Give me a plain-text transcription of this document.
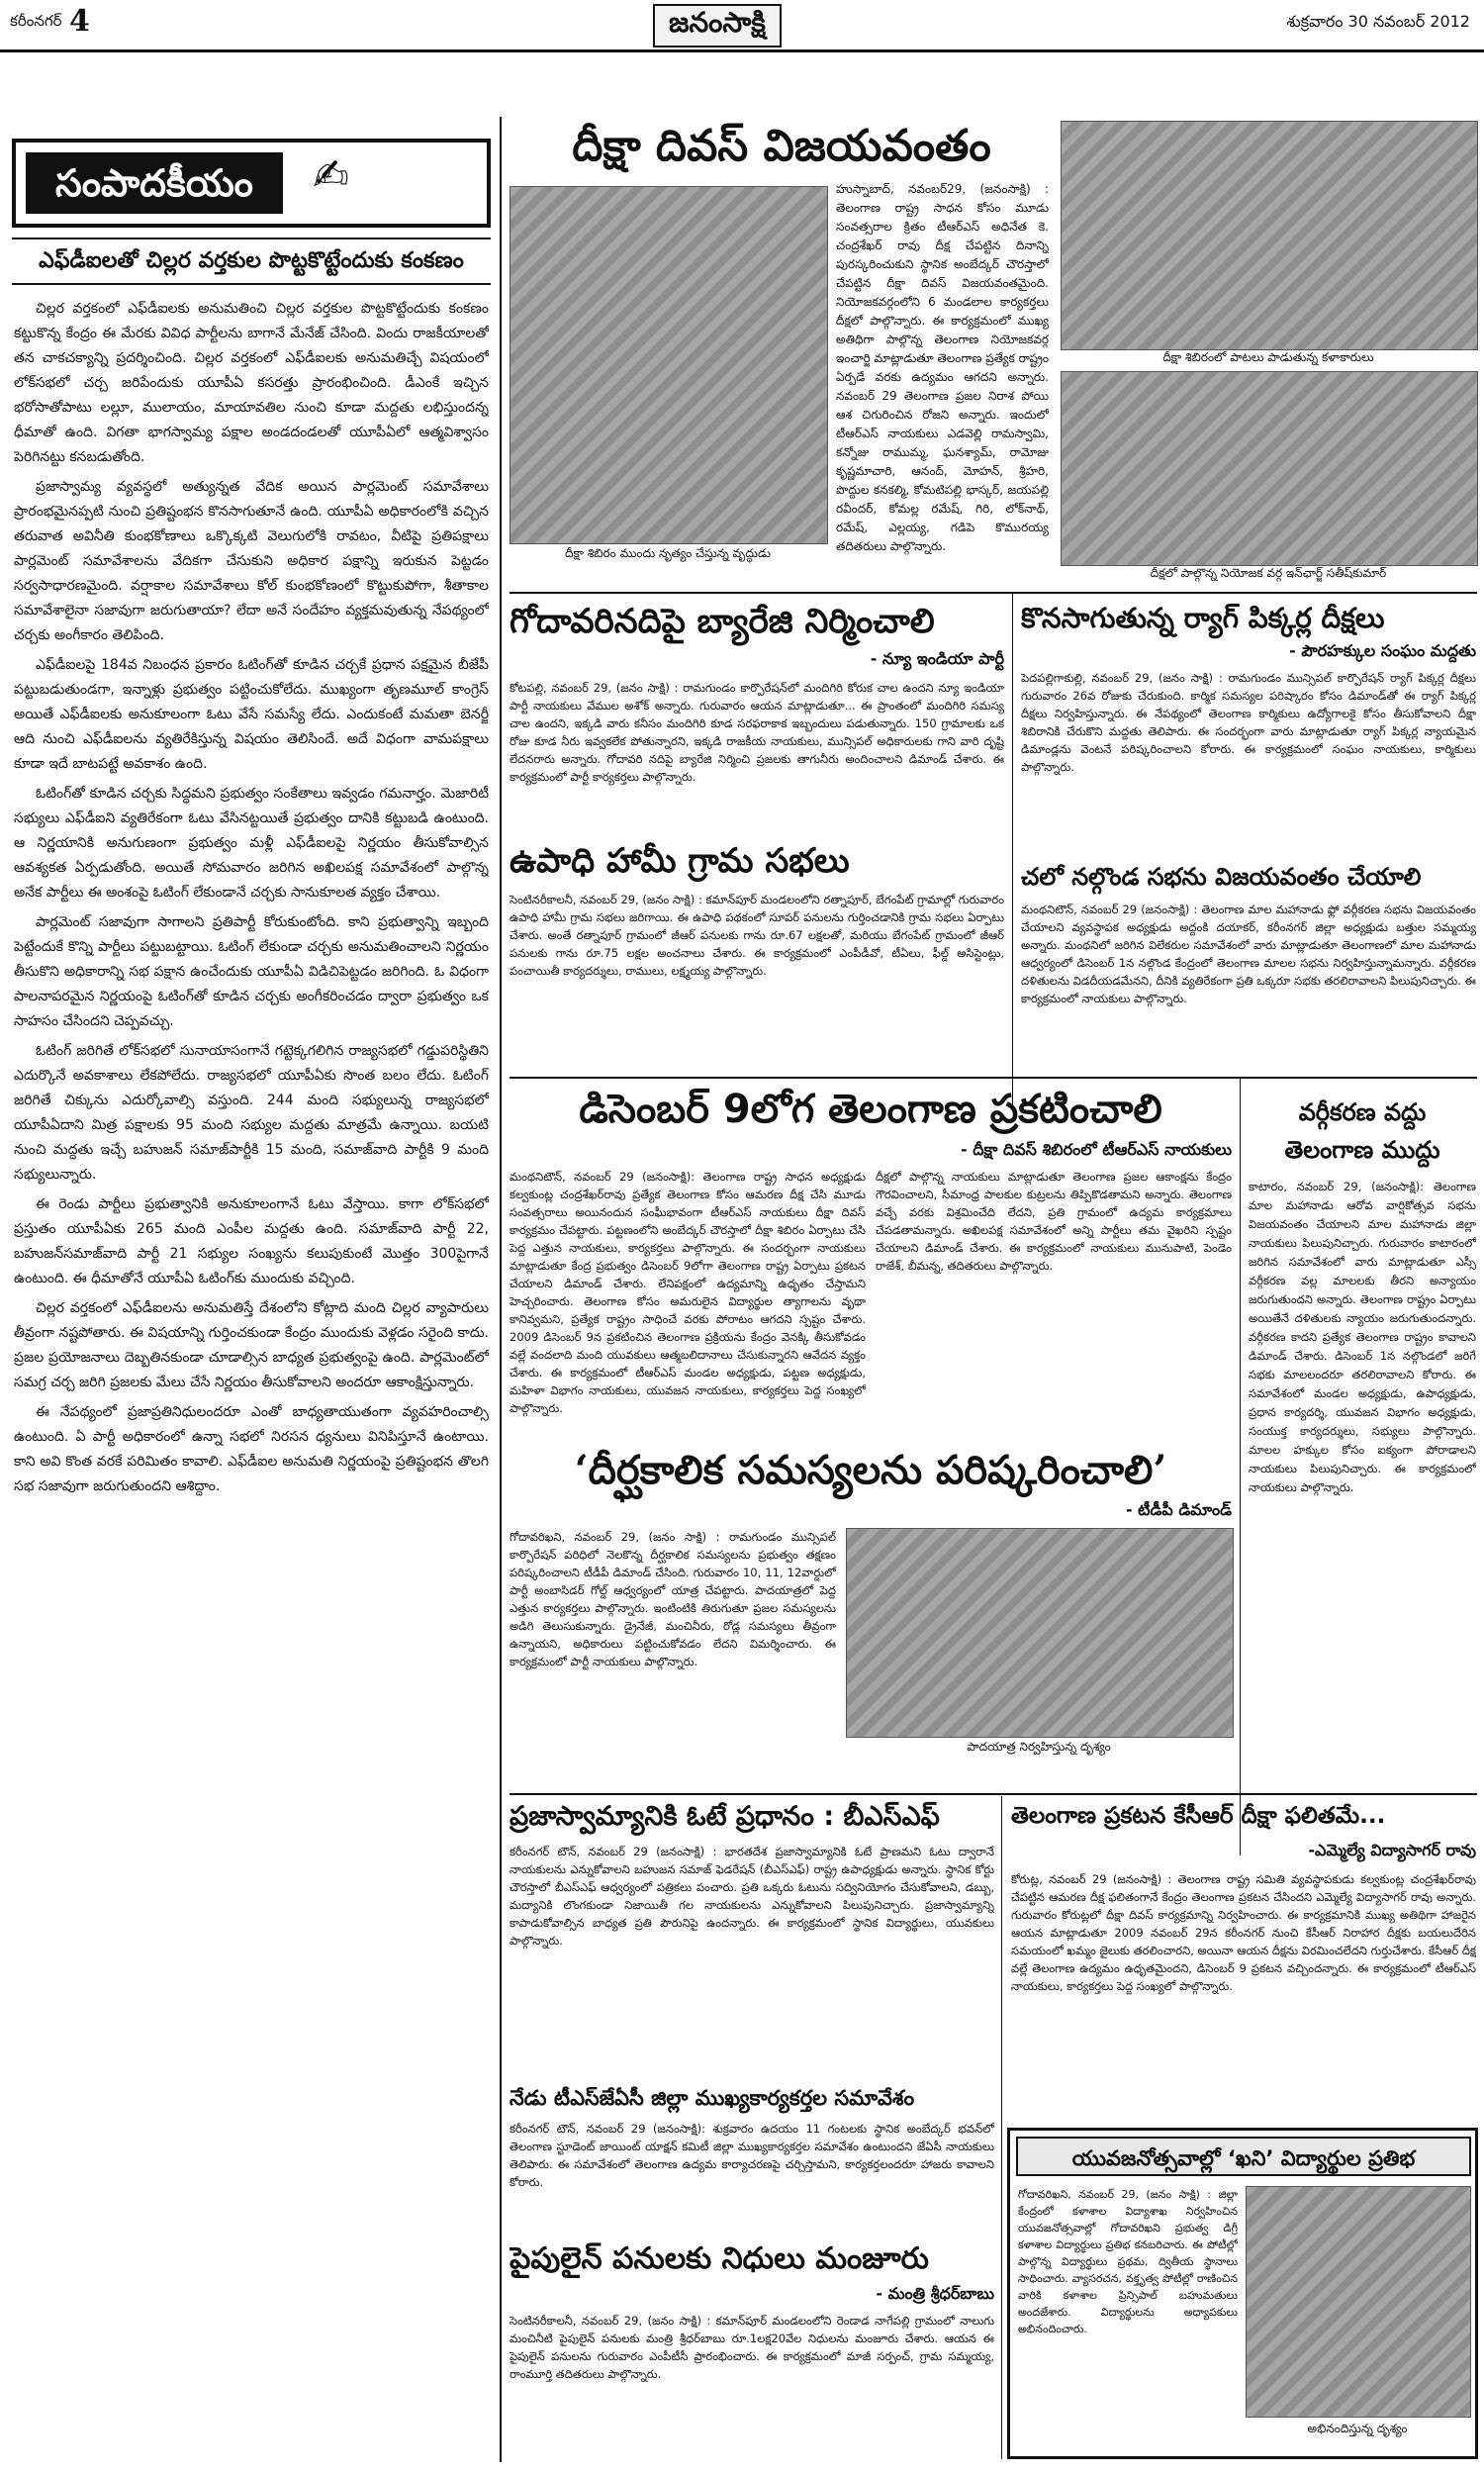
కరీంనగర్ 4	జనంసాక్షి	శుక్రవారం 30 నవంబర్ 2012
సంపాదకీయం	✍
ఎఫ్‌డీఐలతో చిల్లర వర్తకుల పొట్టకొట్టేందుకు కంకణం

చిల్లర వర్తకంలో ఎఫ్‌డీఐలకు అనుమతించి చిల్లర వర్తకుల పొట్టకొట్టేందుకు కంకణం కట్టుకొన్న కేంద్రం ఈ మేరకు వివిధ పార్టీలను బాగానే మేనేజ్ చేసింది. విందు రాజకీయాలతో తన చాకచక్యాన్ని ప్రదర్శించింది. చిల్లర వర్తకంలో ఎఫ్‌డీఐలకు అనుమతిచ్చే విషయంలో లోక్‌సభలో చర్చ జరిపేందుకు యూపీఏ కసరత్తు ప్రారంభించింది. డీఎంకే ఇచ్చిన భరోసాతోపాటు లల్లూ, ములాయం, మాయావతిల నుంచి కూడా మద్దతు లభిస్తుందన్న ధీమాతో ఉంది. విగతా భాగస్వామ్య పక్షాల అండదండలతో యూపీఏలో ఆత్మవిశ్వాసం పెరిగినట్టు కనబడుతోంది.

ప్రజాస్వామ్య వ్యవస్థలో అత్యున్నత వేదిక అయిన పార్లమెంట్ సమావేశాలు ప్రారంభమైనప్పటి నుంచి ప్రతిష్టంభన కొనసాగుతూనే ఉంది. యూపీఏ అధికారంలోకి వచ్చిన తరువాత అవినీతి కుంభకోణాలు ఒక్కొక్కటి వెలుగులోకి రావటం, వీటిపై ప్రతిపక్షాలు పార్లమెంట్ సమావేశాలను వేదికగా చేసుకుని అధికార పక్షాన్ని ఇరుకున పెట్టడం సర్వసాధారణమైంది. వర్షాకాల సమావేశాలు కోల్ కుంభకోణంలో కొట్టుకుపోగా, శీతాకాల సమావేశాలైనా సజావుగా జరుగుతాయా? లేదా అనే సందేహం వ్యక్తమవుతున్న నేపథ్యంలో చర్చకు అంగీకారం తెలిపింది.

ఎఫ్‌డీఐలపై 184వ నిబంధన ప్రకారం ఓటింగ్‌తో కూడిన చర్చకే ప్రధాన పక్షమైన బీజేపీ పట్టుబడుతుండగా, ఇన్నాళ్లు ప్రభుత్వం పట్టించుకోలేదు. ముఖ్యంగా తృణమూల్ కాంగ్రెస్ అయితే ఎఫ్‌డీఐలకు అనుకూలంగా ఓటు వేసే సమస్యే లేదు. ఎందుకంటే మమతా బెనర్జీ ఆది నుంచి ఎఫ్‌డీఐలను వ్యతిరేకిస్తున్న విషయం తెలిసిందే. అదే విధంగా వామపక్షాలు కూడా ఇదే బాటపట్టే అవకాశం ఉంది.

ఓటింగ్‌తో కూడిన చర్చకు సిద్ధమని ప్రభుత్వం సంకేతాలు ఇవ్వడం గమనార్హం. మెజారిటీ సభ్యులు ఎఫ్‌డీఐని వ్యతిరేకంగా ఓటు వేసినట్టయితే ప్రభుత్వం దానికి కట్టుబడి ఉంటుంది. ఆ నిర్ణయానికి అనుగుణంగా ప్రభుత్వం మళ్లీ ఎఫ్‌డీఐలపై నిర్ణయం తీసుకోవాల్సిన ఆవశ్యకత ఏర్పడుతోంది. అయితే సోమవారం జరిగిన అఖిలపక్ష సమావేశంలో పాల్గొన్న అనేక పార్టీలు ఈ అంశంపై ఓటింగ్ లేకుండానే చర్చకు సానుకూలత వ్యక్తం చేశాయి.

పార్లమెంట్ సజావుగా సాగాలని ప్రతిపార్టీ కోరుకుంటోంది. కాని ప్రభుత్వాన్ని ఇబ్బంది పెట్టేందుకే కొన్ని పార్టీలు పట్టుబట్టాయి. ఓటింగ్ లేకుండా చర్చకు అనుమతించాలని నిర్ణయం తీసుకొని అధికారాన్ని సభ పక్షాన ఉంచేందుకు యూపీఏ విడిచిపెట్టడం జరిగింది. ఓ విధంగా పాలనాపరమైన నిర్ణయంపై ఓటింగ్‌తో కూడిన చర్చకు అంగీకరించడం ద్వారా ప్రభుత్వం ఒక సాహసం చేసిందని చెప్పవచ్చు.

ఓటింగ్ జరిగితే లోక్‌సభలో సునాయాసంగానే గట్టెక్కగలిగిన రాజ్యసభలో గడ్డుపరిస్థితిని ఎదుర్కొనే అవకాశాలు లేకపోలేదు. రాజ్యసభలో యూపీఏకు సొంత బలం లేదు. ఓటింగ్ జరిగితే చిక్కును ఎదుర్కోవాల్సి వస్తుంది. 244 మంది సభ్యులున్న రాజ్యసభలో యూపీఏదాని మిత్ర పక్షాలకు 95 మంది సభ్యుల మద్దతు మాత్రమే ఉన్నాయి. బయటి నుంచి మద్దతు ఇచ్చే బహుజన్ సమాజ్‌పార్టీకి 15 మంది, సమాజ్‌వాది పార్టీకి 9 మంది సభ్యులున్నారు.

ఈ రెండు పార్టీలు ప్రభుత్వానికి అనుకూలంగానే ఓటు వేస్తాయి. కాగా లోక్‌సభలో ప్రస్తుతం యూపీఏకు 265 మంది ఎంపీల మద్దతు ఉంది. సమాజ్‌వాది పార్టీ 22, బహుజన్‌సమాజ్‌వాది పార్టీ 21 సభ్యుల సంఖ్యను కలుపుకుంటే మొత్తం 300పైగానే ఉంటుంది. ఈ ధీమాతోనే యూపీఏ ఓటింగ్‌కు ముందుకు వచ్చింది.

చిల్లర వర్తకంలో ఎఫ్‌డీఐలను అనుమతిస్తే దేశంలోని కోట్లాది మంది చిల్లర వ్యాపారులు తీవ్రంగా నష్టపోతారు. ఈ విషయాన్ని గుర్తించకుండా కేంద్రం ముందుకు వెళ్లడం సరైంది కాదు. ప్రజల ప్రయోజనాలు దెబ్బతినకుండా చూడాల్సిన బాధ్యత ప్రభుత్వంపై ఉంది. పార్లమెంట్‌లో సమగ్ర చర్చ జరిగి ప్రజలకు మేలు చేసే నిర్ణయం తీసుకోవాలని అందరూ ఆకాంక్షిస్తున్నారు.

ఈ నేపథ్యంలో ప్రజాప్రతినిధులందరూ ఎంతో బాధ్యతాయుతంగా వ్యవహరించాల్సి ఉంటుంది. ఏ పార్టీ అధికారంలో ఉన్నా సభలో నిరసన ధ్యనులు వినిపిస్తూనే ఉంటాయి. కాని అవి కొంత వరకే పరిమితం కావాలి. ఎఫ్‌డీఐల అనుమతి నిర్ణయంపై ప్రతిష్టంభన తొలగి సభ సజావుగా జరుగుతుందని ఆశిద్దాం.

దీక్షా దివస్ విజయవంతం
దీక్షా శిబిరం ముందు నృత్యం చేస్తున్న వృద్ధుడు

హుస్నాబాద్, నవంబర్29, (జనంసాక్షి) : తెలంగాణ రాష్ట్ర సాధన కోసం మూడు సంవత్సరాల క్రితం టీఆర్‌ఎస్ అధినేత కె. చంద్రశేఖర్ రావు దీక్ష చేపట్టిన దినాన్ని పురస్కరించుకుని స్థానిక అంబేద్కర్ చౌరస్తాలో చేపట్టిన దీక్షా దివస్ విజయవంతమైంది. నియోజకవర్గంలోని 6 మండలాల కార్యకర్తలు దీక్షలో పాల్గొన్నారు. ఈ కార్యక్రమంలో ముఖ్య అతిథిగా పాల్గొన్న తెలంగాణ నియోజకవర్గ ఇంచార్జి మాట్లాడుతూ తెలంగాణ ప్రత్యేక రాష్ట్రం ఏర్పడే వరకు ఉద్యమం ఆగదని అన్నారు. నవంబర్ 29 తెలంగాణ ప్రజల నిరాశ పోయి ఆశ చిగురించిన రోజని అన్నారు. ఇందులో టీఆర్‌ఎస్ నాయకులు ఎడవెల్లి రామస్వామి, కన్నోజు రాముమ్మ, ఘనశ్యామ్, రామోజు కృష్ణమాచారి, ఆనంద్, మోహన్, శ్రీహరి, పొద్దుల కనకల్మి, కోమటిపల్లి భాస్కర్, జయపల్లి రవీందర్, కోమల్ల రమేష్, గిరి, లోక్‌నాథ్, రమేష్, ఎల్లయ్య, గడిపె కొమురయ్య తదితరులు పాల్గొన్నారు.

దీక్షా శిబిరంలో పాటలు పాడుతున్న కళాకారులు
దీక్షలో పాల్గొన్న నియోజక వర్గ ఇన్‌ఛార్జ్ సతీష్‌కుమార్
గోదావరినదిపై బ్యారేజి నిర్మించాలి
- న్యూ ఇండియా పార్టీ

కోటపల్లి, నవంబర్ 29, (జనం సాక్షి) : రామగుండం కార్పొరేషన్‌లో మందిగిరి కోరుక చాల ఉందని న్యూ ఇండియా పార్టీ నాయకులు వేముల అశోక్ అన్నారు. గురువారం ఆయన మాట్లాడుతూ... ఈ ప్రాంతంలో మందిగిరి సమస్య చాల ఉందని, ఇక్కడి వారు కనీసం మందిగిరి కూడ సరఫరాకాక ఇబ్బందులు పడుతున్నారు. 150 గ్రామాలకు ఒక రోజు కూడ నీరు ఇవ్వకలేక పోతున్నారని, ఇక్కడి రాజకీయ నాయకులు, మున్సిపల్ అధికారులకు గాని వారి దృష్టి లేదనరారు అన్నారు. గోదావరి నదిపై బ్యారేజి నిర్మించి ప్రజలకు తాగునీరు అందించాలని డిమాండ్ చేశారు. ఈ కార్యక్రమంలో పార్టీ కార్యకర్తలు పాల్గొన్నారు.

కొనసాగుతున్న ర్యాగ్ పిక్కర్ల దీక్షలు
- పౌరహక్కుల సంఘం మద్దతు

పెదపల్లిగాకుల్లి, నవంబర్ 29, (జనం సాక్షి) : రామగుండం మున్సిపల్ కార్పొరేషన్ ర్యాగ్ పిక్కర్ల దీక్షలు గురువారం 26వ రోజుకు చేరుకుంది. కార్మిక సమస్యల పరిష్కారం కోసం డిమాండ్‌తో ఈ ర్యాగ్ పిక్కర్ల దీక్షలు నిర్వహిస్తున్నారు. ఈ నేపథ్యంలో తెలంగాణ కార్మికులు ఉద్యోగాలకై కోసం తీసుకోవాలని దీక్షా శిబిరానికి చేరుకొని మద్దతు తెలిపారు. ఈ సందర్భంగా వారు మాట్లాడుతూ ర్యాగ్ పిక్కర్ల న్యాయమైన డిమాండ్లను వెంటనే పరిష్కరించాలని కోరారు. ఈ కార్యక్రమంలో సంఘం నాయకులు, కార్మికులు పాల్గొన్నారు.

ఉపాధి హామీ గ్రామ సభలు

సెంటినరీకాలనీ, నవంబర్ 29, (జనం సాక్షి) : కమాన్‌పూర్ మండలంలోని రత్నాపూర్, బేగంపేట్ గ్రామాల్లో గురువారం ఉపాధి హామీ గ్రామ సభలు జరిగాయి. ఈ ఉపాధి పథకంలో సూపర్ పనులను గుర్తించడానికి గ్రామ సభలు ఏర్పాటు చేశారు. అంతే రత్నాపూర్ గ్రామంలో జీఆర్ పనులకు గాను రూ.67 లక్షలతో, మరియు బేగంపేట్ గ్రామంలో జీఆర్ పనులకు గాను రూ.75 లక్షల అంచనాలు చేశారు. ఈ కార్యక్రమంలో ఎంపీడీవో, టీఏలు, ఫీల్డ్ అసిస్టెంట్లు, పంచాయితీ కార్యదర్శులు, రాములు, లక్ష్మయ్య పాల్గొన్నారు.

చలో నల్గొండ సభను విజయవంతం చేయాలి

మంథనిటౌన్, నవంబర్ 29 (జనంసాక్షి) : తెలంగాణ మాల మహానాడు ఫ్లో వర్గీకరణ సభను విజయవంతం చేయాలని వ్యవస్థాపక అధ్యక్షుడు అద్దంకి దయాకర్, కరీంనగర్ జిల్లా అధ్యక్షుడు బత్తుల సమ్మయ్య అన్నారు. మంథనిలో జరిగిన విలేకరుల సమావేశంలో వారు మాట్లాడుతూ తెలంగాణలో మాల మహానాడు ఆధ్వర్యంలో డిసెంబర్ 1న నల్గొండ కేంద్రంలో తెలంగాణ మాలల సభను నిర్వహిస్తున్నామన్నారు. వర్గీకరణ దళితులను విడదీయడమేనని, దీనికి వ్యతిరేకంగా ప్రతి ఒక్కరూ సభకు తరలిరావాలని పిలుపునిచ్చారు. ఈ కార్యక్రమంలో నాయకులు పాల్గొన్నారు.

డిసెంబర్ 9లోగ తెలంగాణ ప్రకటించాలి
- దీక్షా దివస్ శిబిరంలో టీఆర్ఎస్ నాయకులు

మంథనిటౌన్, నవంబర్ 29 (జనంసాక్షి): తెలంగాణ రాష్ట్ర సాధన అధ్యక్షుడు కల్వకుంట్ల చంద్రశేఖర్‌రావు ప్రత్యేక తెలంగాణ కోసం ఆమరణ దీక్ష చేసి మూడు సంవత్సరాలు అయినందున సంఘీభావంగా టీఆర్‌ఎస్ నాయకులు దీక్షా దివస్ కార్యక్రమం చేపట్టారు. పట్టణంలోని అంబేద్కర్ చౌరస్తాలో దీక్షా శిబిరం ఏర్పాటు చేసి పెద్ద ఎత్తున నాయకులు, కార్యకర్తలు పాల్గొన్నారు. ఈ సందర్భంగా నాయకులు మాట్లాడుతూ కేంద్ర ప్రభుత్వం డిసెంబర్ 9లోగా తెలంగాణ రాష్ట్ర ఏర్పాటు ప్రకటన చేయాలని డిమాండ్ చేశారు. లేనిపక్షంలో ఉద్యమాన్ని ఉధృతం చేస్తామని హెచ్చరించారు. తెలంగాణ కోసం అమరులైన విద్యార్థుల త్యాగాలను వృథా కానివ్వమని, ప్రత్యేక రాష్ట్రం సాధించే వరకు పోరాటం ఆగదని స్పష్టం చేశారు. 2009 డిసెంబర్ 9న ప్రకటించిన తెలంగాణ ప్రక్రియను కేంద్రం వెనక్కి తీసుకోవడం వల్లే వందలాది మంది యువకులు ఆత్మబలిదానాలు చేసుకున్నారని ఆవేదన వ్యక్తం చేశారు. ఈ కార్యక్రమంలో టీఆర్‌ఎస్ మండల అధ్యక్షుడు, పట్టణ అధ్యక్షుడు, మహిళా విభాగం నాయకులు, యువజన నాయకులు, కార్యకర్తలు పెద్ద సంఖ్యలో పాల్గొన్నారు.

దీక్షలో పాల్గొన్న నాయకులు మాట్లాడుతూ తెలంగాణ ప్రజల ఆకాంక్షను కేంద్రం గౌరవించాలని, సీమాంధ్ర పాలకుల కుట్రలను తిప్పికొడతామని అన్నారు. తెలంగాణ వచ్చే వరకు విశ్రమించేది లేదని, ప్రతి గ్రామంలో ఉద్యమ కార్యక్రమాలు చేపడతామన్నారు. అఖిలపక్ష సమావేశంలో అన్ని పార్టీలు తమ వైఖరిని స్పష్టం చేయాలని డిమాండ్ చేశారు. ఈ కార్యక్రమంలో నాయకులు మునుపాటి, పెండెం రాజేశ్, బీమన్న, తదితరులు పాల్గొన్నారు.

వర్గీకరణ వద్దు
తెలంగాణ ముద్దు

కాటారం, నవంబర్ 29, (జనంసాక్షి): తెలంగాణ మాల మహానాడు ఆరోవ వార్షికోత్సవ సభను విజయవంతం చేయాలని మాల మహానాడు జిల్లా నాయకులు పిలుపునిచ్చారు. గురువారం కాటారంలో జరిగిన సమావేశంలో వారు మాట్లాడుతూ ఎస్సీ వర్గీకరణ వల్ల మాలలకు తీరని అన్యాయం జరుగుతుందని అన్నారు. తెలంగాణ రాష్ట్రం ఏర్పాటు అయితేనే దళితులకు న్యాయం జరుగుతుందన్నారు. వర్గీకరణ కాదని ప్రత్యేక తెలంగాణ రాష్ట్రం కావాలని డిమాండ్ చేశారు. డిసెంబర్ 1న నల్గొండలో జరిగే సభకు మాలలందరూ తరలిరావాలని కోరారు. ఈ సమావేశంలో మండల అధ్యక్షుడు, ఉపాధ్యక్షుడు, ప్రధాన కార్యదర్శి, యువజన విభాగం అధ్యక్షుడు, సంయుక్త కార్యదర్శులు, సభ్యులు పాల్గొన్నారు. మాలల హక్కుల కోసం ఐక్యంగా పోరాడాలని నాయకులు పిలుపునిచ్చారు. ఈ కార్యక్రమంలో నాయకులు పాల్గొన్నారు.

‘దీర్ఘకాలిక సమస్యలను పరిష్కరించాలి’
- టీడీపీ డిమాండ్

గోదావరిఖని, నవంబర్ 29, (జనం సాక్షి) : రామగుండం మున్సిపల్ కార్పొరేషన్ పరిధిలో నెలకొన్న దీర్ఘకాలిక సమస్యలను ప్రభుత్వం తక్షణం పరిష్కరించాలని టీడీపీ డిమాండ్ చేసింది. గురువారం 10, 11, 12వార్డులో పార్టీ అంబాసిడర్ గోల్డ్ ఆధ్వర్యంలో యాత్ర చేపట్టారు. పాదయాత్రలో పెద్ద ఎత్తున కార్యకర్తలు పాల్గొన్నారు. ఇంటింటికి తిరుగుతూ ప్రజల సమస్యలను అడిగి తెలుసుకున్నారు. డ్రైనేజీ, మంచినీరు, రోడ్ల సమస్యలు తీవ్రంగా ఉన్నాయని, అధికారులు పట్టించుకోవడం లేదని విమర్శించారు. ఈ కార్యక్రమంలో పార్టీ నాయకులు పాల్గొన్నారు.

పాదయాత్ర నిర్వహిస్తున్న దృశ్యం
ప్రజాస్వామ్యానికి ఓటే ప్రధానం : బీఎస్‌ఎఫ్

కరీంనగర్ టౌన్, నవంబర్ 29 (జనంసాక్షి) : భారతదేశ ప్రజాస్వామ్యానికి ఓటే ప్రాణమని ఓటు ద్వారానే నాయకులను ఎన్నుకోవాలని బహుజన సమాజ్ ఫెడరేషన్ (బీఎస్‌ఎఫ్) రాష్ట్ర ఉపాధ్యక్షుడు అన్నారు. స్థానిక కోర్టు చౌరస్తాలో బీఎస్‌ఎఫ్ ఆధ్వర్యంలో పత్రికలు పంచారు. ప్రతి ఒక్కరు ఓటును సద్వినియోగం చేసుకోవాలని, డబ్బు, మద్యానికి లొంగకుండా నిజాయితీ గల నాయకులను ఎన్నుకోవాలని పిలుపునిచ్చారు. ప్రజాస్వామ్యాన్ని కాపాడుకోవాల్సిన బాధ్యత ప్రతి పౌరునిపై ఉందన్నారు. ఈ కార్యక్రమంలో స్థానిక విద్యార్థులు, యువకులు పాల్గొన్నారు.

నేడు టీఎస్‌జేఏసీ జిల్లా ముఖ్యకార్యకర్తల సమావేశం

కరీంనగర్ టౌన్, నవంబర్ 29 (జనంసాక్షి): శుక్రవారం ఉదయం 11 గంటలకు స్థానిక అంబేద్కర్ భవన్‌లో తెలంగాణ స్టూడెంట్ జాయింట్ యాక్షన్ కమిటీ జిల్లా ముఖ్యకార్యకర్తల సమావేశం ఉంటుందని జేఏసీ నాయకులు తెలిపారు. ఈ సమావేశంలో తెలంగాణ ఉద్యమ కార్యాచరణపై చర్చిస్తామని, కార్యకర్తలందరూ హాజరు కావాలని కోరారు.

పైపులైన్ పనులకు నిధులు మంజూరు
- మంత్రి శ్రీధర్‌బాబు

సెంటినరీకాలనీ, నవంబర్ 29, (జనం సాక్షి) : కమాన్‌పూర్ మండలంలోని రెండాడ నాగేపల్లి గ్రామంలో నాలుగు మంచినీటి పైపులైన్ పనులకు మంత్రి శ్రీధర్‌బాబు రూ.1లక్ష20వేల నిధులను మంజూరు చేశారు. ఆయన ఈ పైపులైన్ పనులను గురువారం ఎంపీటీసీ ప్రారంభించారు. ఈ కార్యక్రమంలో మాజీ సర్పంచ్, గ్రామ సమ్మయ్య, రాంమూర్తి తదితరులు పాల్గొన్నారు.

తెలంగాణ ప్రకటన కేసీఆర్ దీక్షా ఫలితమే...
-ఎమ్మెల్యే విద్యాసాగర్ రావు

కోరుట్ల, నవంబర్ 29 (జనంసాక్షి) : తెలంగాణ రాష్ట్ర సమితి వ్యవస్థాపకుడు కల్వకుంట్ల చంద్రశేఖర్‌రావు చేపట్టిన ఆమరణ దీక్ష ఫలితంగానే కేంద్రం తెలంగాణ ప్రకటన చేసిందని ఎమ్మెల్యే విద్యాసాగర్ రావు అన్నారు. గురువారం కోరుట్లలో దీక్షా దివస్ కార్యక్రమాన్ని నిర్వహించారు. ఈ కార్యక్రమానికి ముఖ్య అతిథిగా హాజరైన ఆయన మాట్లాడుతూ 2009 నవంబర్ 29న కరీంనగర్ నుంచి కేసీఆర్ నిరాహార దీక్షకు బయలుదేరిన సమయంలో ఖమ్మం జైలుకు తరలించారని, అయినా ఆయన దీక్షను విరమించలేదని గుర్తుచేశారు. కేసీఆర్ దీక్ష వల్లే తెలంగాణ ఉద్యమం ఉధృతమైందని, డిసెంబర్ 9 ప్రకటన వచ్చిందన్నారు. ఈ కార్యక్రమంలో టీఆర్‌ఎస్ నాయకులు, కార్యకర్తలు పెద్ద సంఖ్యలో పాల్గొన్నారు.

యువజనోత్సవాల్లో ‘ఖని’ విద్యార్థుల ప్రతిభ

గోదావరిఖని, నవంబర్ 29, (జనం సాక్షి) : జిల్లా కేంద్రంలో కళాశాల విద్యాశాఖ నిర్వహించిన యువజనోత్సవాల్లో గోదావరిఖని ప్రభుత్వ డిగ్రీ కళాశాల విద్యార్థులు ప్రతిభ కనబరిచారు. ఈ పోటీల్లో పాల్గొన్న విద్యార్థులు ప్రథమ, ద్వితీయ స్థానాలు సాధించారు. వ్యాసరచన, వక్తృత్వ పోటీల్లో రాణించిన వారికి కళాశాల ప్రిన్సిపాల్ బహుమతులు అందజేశారు. విద్యార్థులను అధ్యాపకులు అభినందించారు.

అభినందిస్తున్న దృశ్యం
